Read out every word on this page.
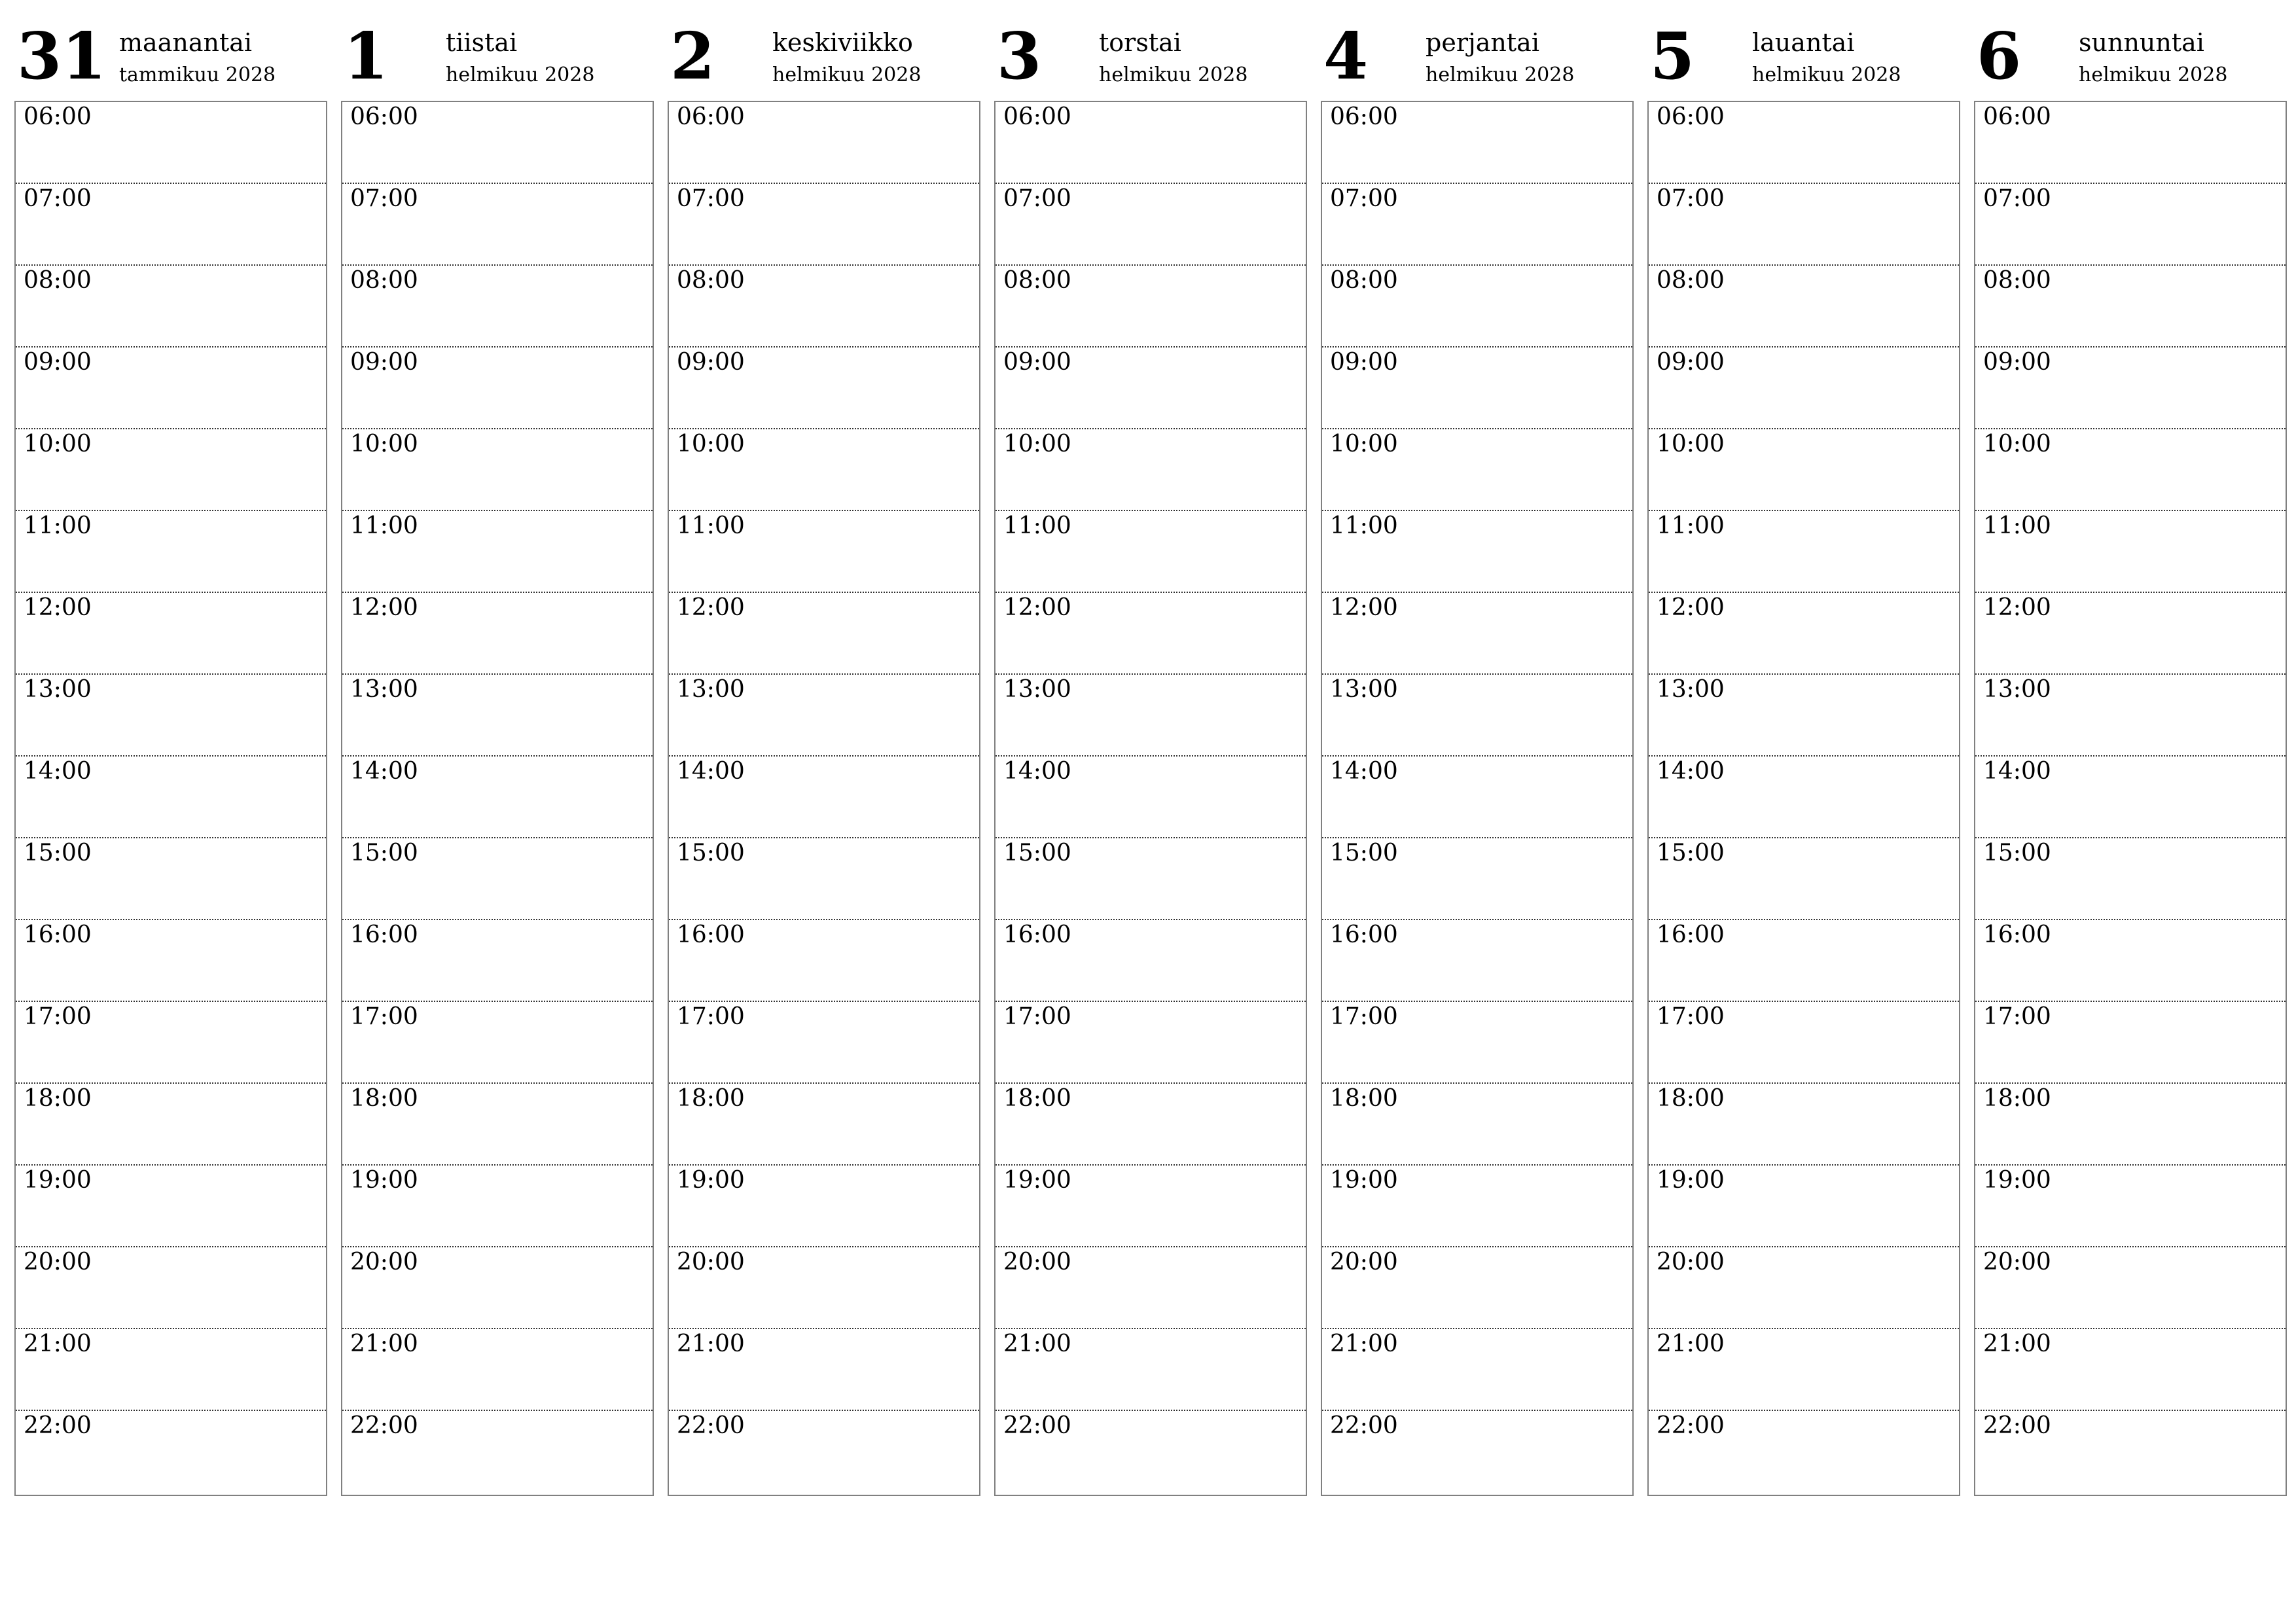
31 maanantai
tammikuu 2028
06:00
07:00
08:00
09:00
10:00
11:00
12:00
13:00
14:00
15:00
16:00
17:00
18:00
19:00
20:00
21:00
22:00
1 tiistai
helmikuu 2028
06:00
07:00
08:00
09:00
10:00
11:00
12:00
13:00
14:00
15:00
16:00
17:00
18:00
19:00
20:00
21:00
22:00
2 keskiviikko
helmikuu 2028
06:00
07:00
08:00
09:00
10:00
11:00
12:00
13:00
14:00
15:00
16:00
17:00
18:00
19:00
20:00
21:00
22:00
3 torstai
helmikuu 2028
06:00
07:00
08:00
09:00
10:00
11:00
12:00
13:00
14:00
15:00
16:00
17:00
18:00
19:00
20:00
21:00
22:00
4 perjantai
helmikuu 2028
06:00
07:00
08:00
09:00
10:00
11:00
12:00
13:00
14:00
15:00
16:00
17:00
18:00
19:00
20:00
21:00
22:00
5 lauantai
helmikuu 2028
06:00
07:00
08:00
09:00
10:00
11:00
12:00
13:00
14:00
15:00
16:00
17:00
18:00
19:00
20:00
21:00
22:00
6 sunnuntai
helmikuu 2028
06:00
07:00
08:00
09:00
10:00
11:00
12:00
13:00
14:00
15:00
16:00
17:00
18:00
19:00
20:00
21:00
22:00
